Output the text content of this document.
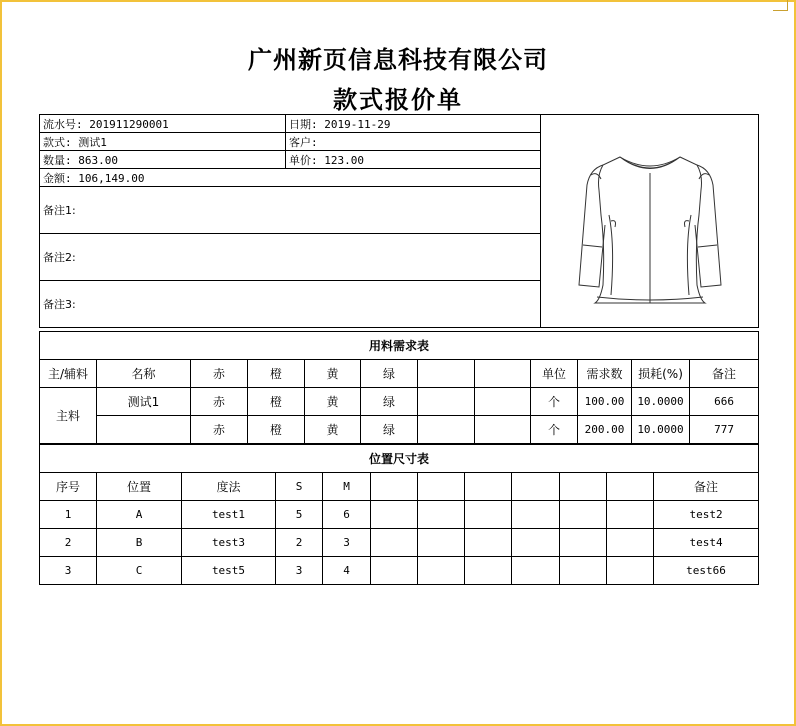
广州新页信息科技有限公司
款式报价单
流水号: 201911290001	日期: 2019-11-29	
款式: 测试1	客户:	
数量: 863.00	单价: 123.00	
金额: 106,149.00		
备注1:		
备注2:		
备注3:		
用料需求表											
主/辅料	名称	赤	橙	黄	绿			单位	需求数	损耗(%)	备注
主料	测试1	赤	橙	黄	绿			个	100.00	10.0000	666
		赤	橙	黄	绿			个	200.00	10.0000	777
位置尺寸表											
序号	位置	度法	S	M							备注
1	A	test1	5	6							test2
2	B	test3	2	3							test4
3	C	test5	3	4							test66
